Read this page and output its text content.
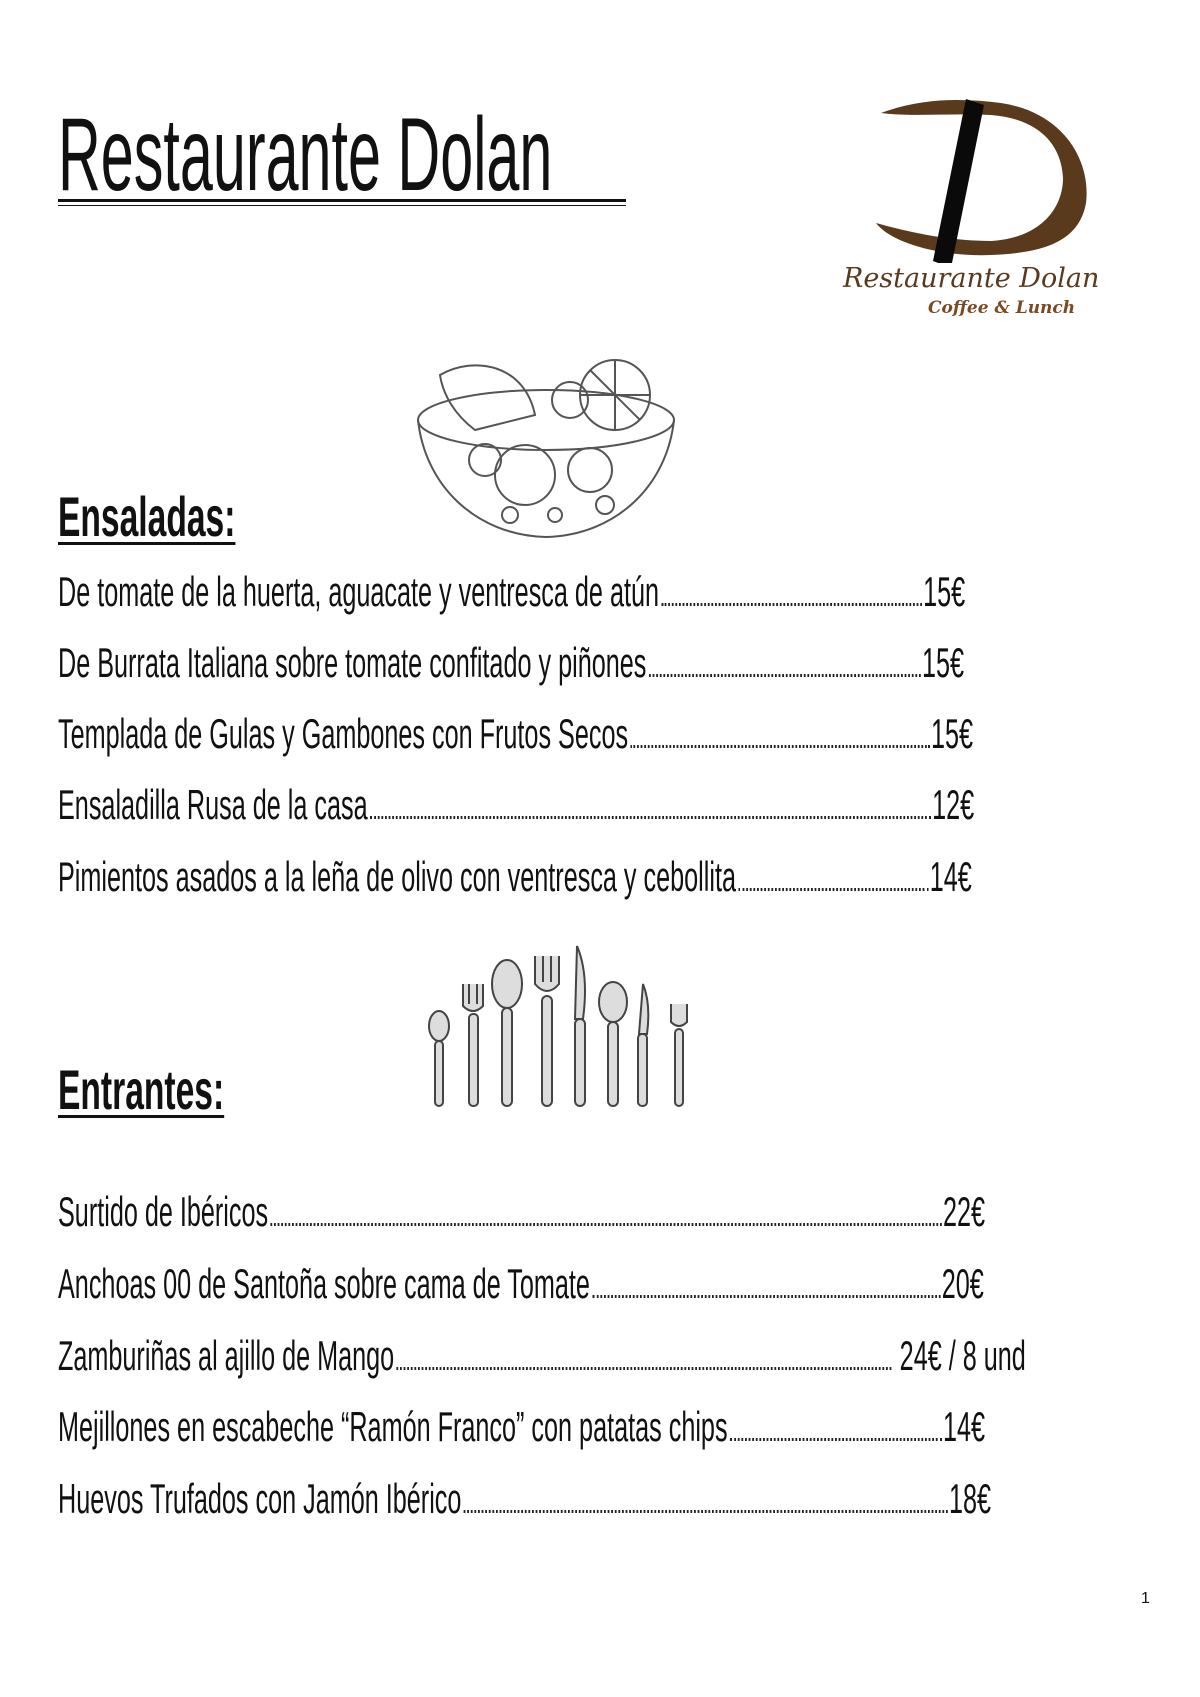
Restaurante Dolan
Restaurante Dolan
Coffee & Lunch
Ensaladas:
De tomate de la huerta, aguacate y ventresca de atún	15€
De Burrata Italiana sobre tomate confitado y piñones	15€
Templada de Gulas y Gambones con Frutos Secos	15€
Ensaladilla Rusa de la casa	12€
Pimientos asados a la leña de olivo con ventresca y cebollita	14€
Entrantes:
Surtido de Ibéricos	22€
Anchoas 00 de Santoña sobre cama de Tomate	20€
Zamburiñas al ajillo de Mango	24€ / 8 und
Mejillones en escabeche “Ramón Franco” con patatas chips	14€
Huevos Trufados con Jamón Ibérico	18€
1
